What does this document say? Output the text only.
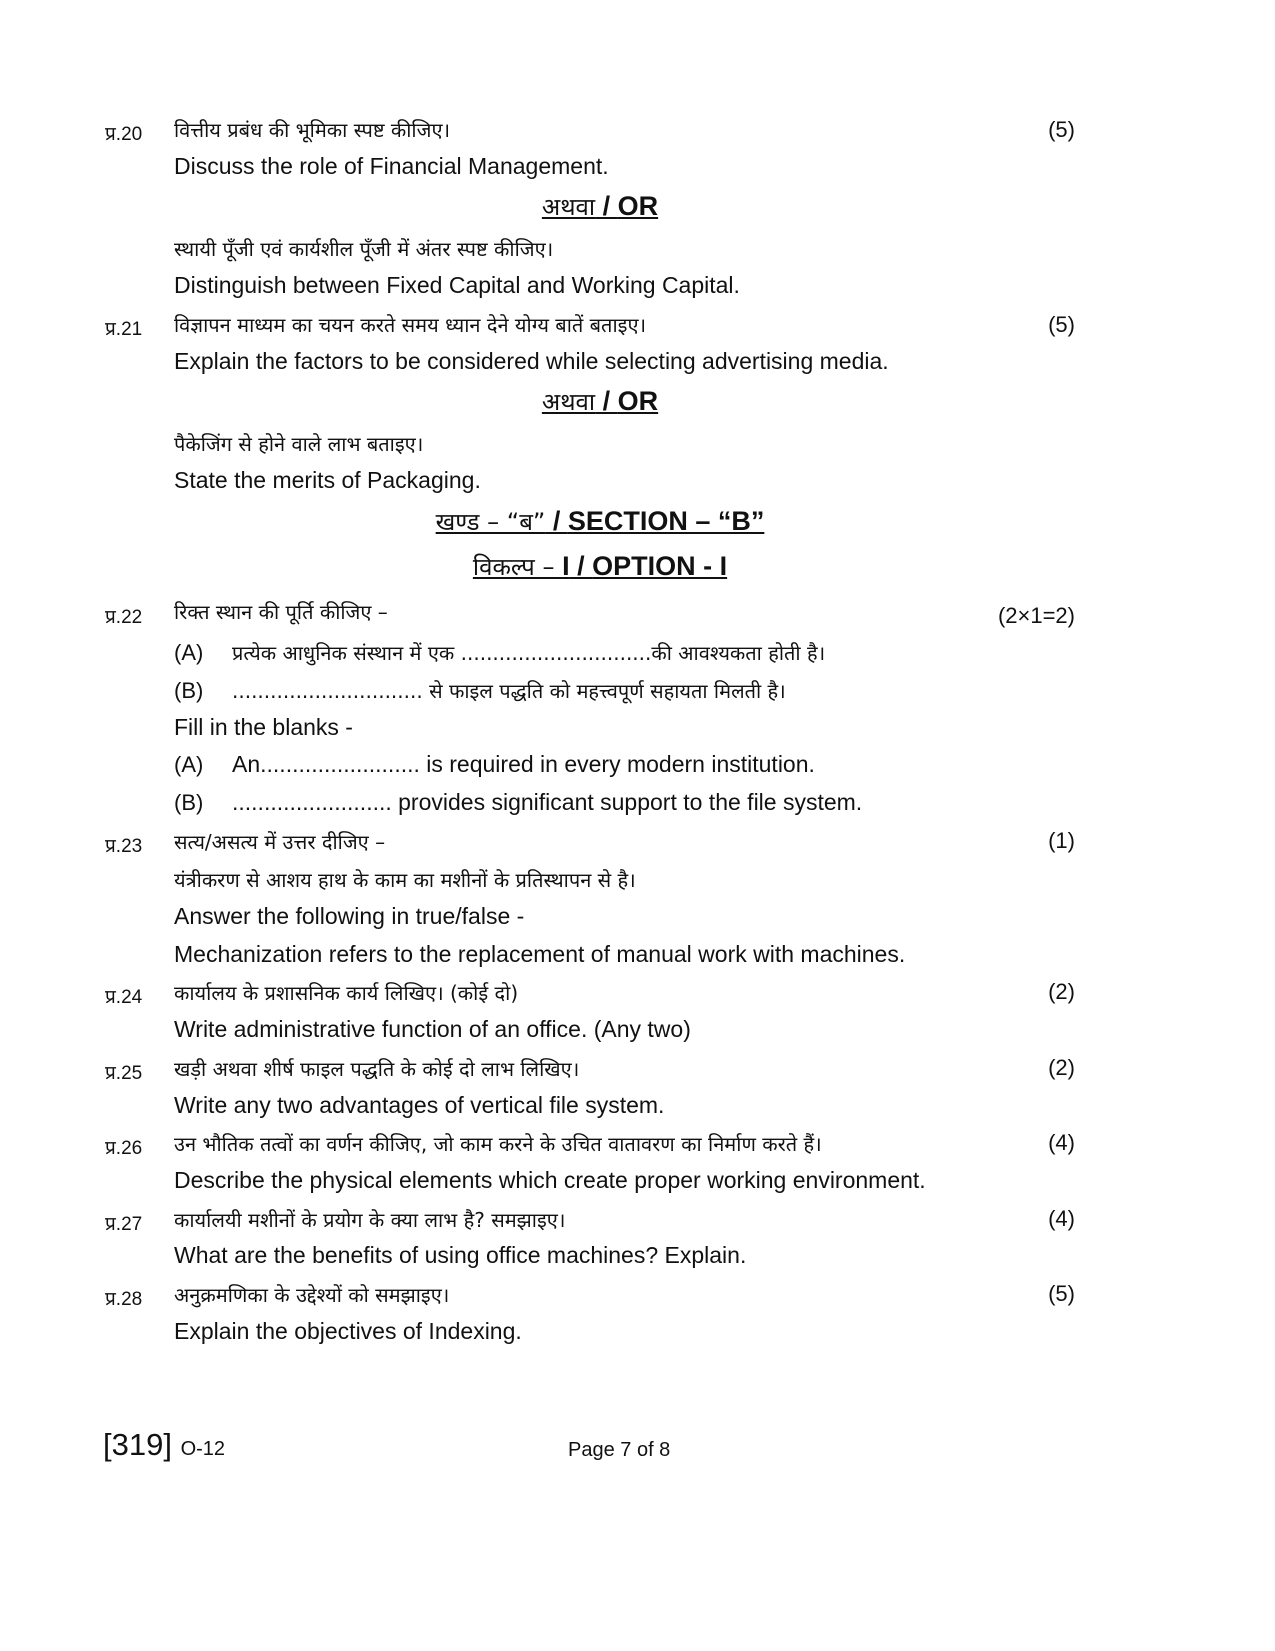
प्र.20 वित्तीय प्रबंध की भूमिका स्पष्ट कीजिए।	(5)
Discuss the role of Financial Management.
अथवा / OR
स्थायी पूँजी एवं कार्यशील पूँजी में अंतर स्पष्ट कीजिए।
Distinguish between Fixed Capital and Working Capital.
प्र.21 विज्ञापन माध्यम का चयन करते समय ध्यान देने योग्य बातें बताइए।	(5)
Explain the factors to be considered while selecting advertising media.
अथवा / OR
पैकेजिंग से होने वाले लाभ बताइए।
State the merits of Packaging.
खण्ड – “ब” / SECTION – “B”
विकल्प – I / OPTION - I
प्र.22 रिक्त स्थान की पूर्ति कीजिए –	(2×1=2)
(A) प्रत्येक आधुनिक संस्थान में एक ..............................की आवश्यकता होती है।
(B) .............................. से फाइल पद्धति को महत्त्वपूर्ण सहायता मिलती है।
Fill in the blanks -
(A) An......................... is required in every modern institution.
(B) ......................... provides significant support to the file system.
प्र.23 सत्य/असत्य में उत्तर दीजिए –	(1)
यंत्रीकरण से आशय हाथ के काम का मशीनों के प्रतिस्थापन से है।
Answer the following in true/false -
Mechanization refers to the replacement of manual work with machines.
प्र.24 कार्यालय के प्रशासनिक कार्य लिखिए। (कोई दो)	(2)
Write administrative function of an office. (Any two)
प्र.25 खड़ी अथवा शीर्ष फाइल पद्धति के कोई दो लाभ लिखिए।	(2)
Write any two advantages of vertical file system.
प्र.26 उन भौतिक तत्वों का वर्णन कीजिए, जो काम करने के उचित वातावरण का निर्माण करते हैं।	(4)
Describe the physical elements which create proper working environment.
प्र.27 कार्यालयी मशीनों के प्रयोग के क्या लाभ है? समझाइए।	(4)
What are the benefits of using office machines? Explain.
प्र.28 अनुक्रमणिका के उद्देश्यों को समझाइए।	(5)
Explain the objectives of Indexing.
[319] O-12	Page 7 of 8
